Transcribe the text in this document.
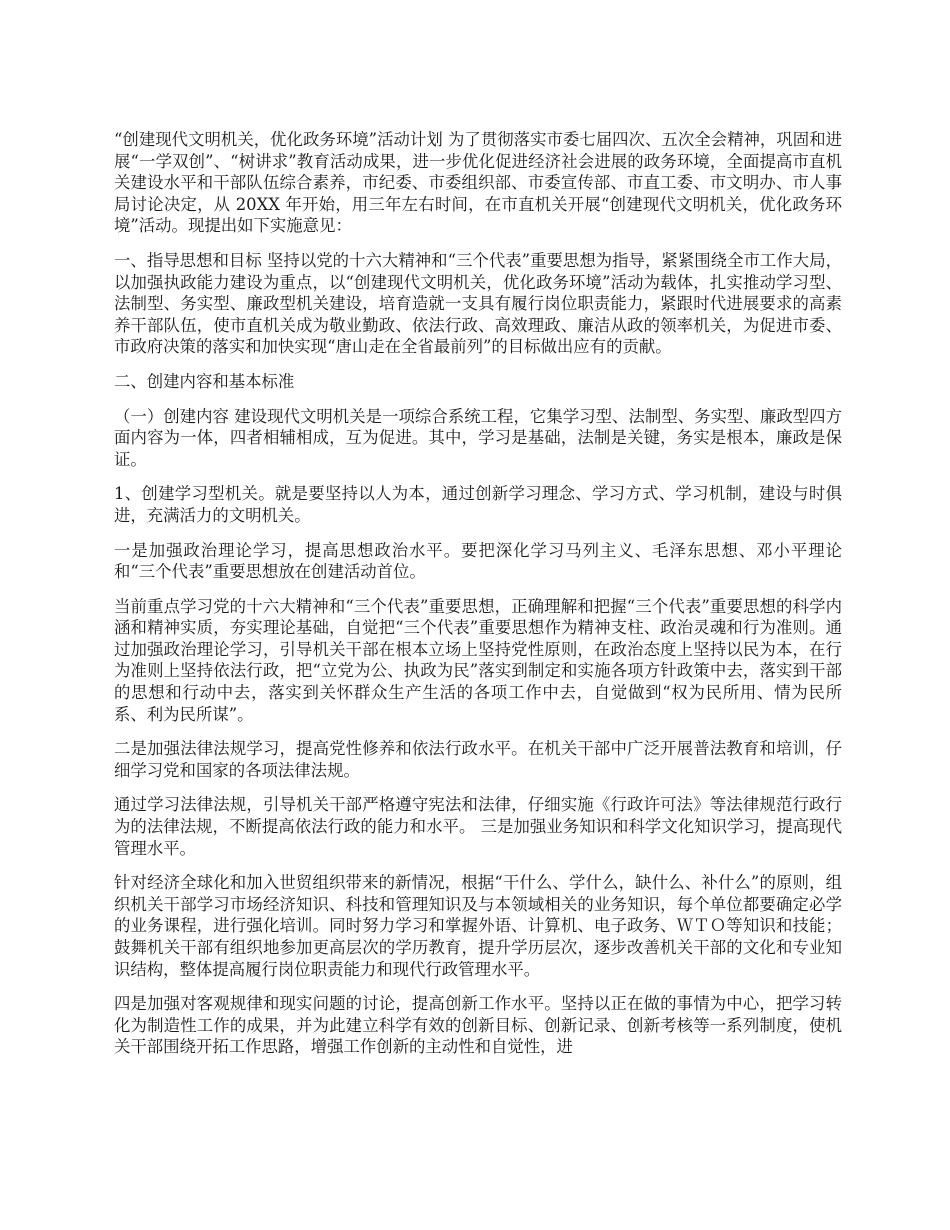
“创建现代文明机关，优化政务环境”活动计划 为了贯彻落实市委七届四次、五次全会精神，巩固和进展“一学双创”、“树讲求”教育活动成果，进一步优化促进经济社会进展的政务环境，全面提高市直机关建设水平和干部队伍综合素养，市纪委、市委组织部、市委宣传部、市直工委、市文明办、市人事局讨论决定，从 20XX 年开始，用三年左右时间，在市直机关开展“创建现代文明机关，优化政务环境”活动。现提出如下实施意见：

一、指导思想和目标 坚持以党的十六大精神和“三个代表”重要思想为指导，紧紧围绕全市工作大局，以加强执政能力建设为重点，以“创建现代文明机关，优化政务环境”活动为载体，扎实推动学习型、法制型、务实型、廉政型机关建设，培育造就一支具有履行岗位职责能力，紧跟时代进展要求的高素养干部队伍，使市直机关成为敬业勤政、依法行政、高效理政、廉洁从政的领率机关，为促进市委、市政府决策的落实和加快实现“唐山走在全省最前列”的目标做出应有的贡献。

二、创建内容和基本标准

（一）创建内容 建设现代文明机关是一项综合系统工程，它集学习型、法制型、务实型、廉政型四方面内容为一体，四者相辅相成，互为促进。其中，学习是基础，法制是关键，务实是根本，廉政是保证。

1、创建学习型机关。就是要坚持以人为本，通过创新学习理念、学习方式、学习机制，建设与时俱进，充满活力的文明机关。

一是加强政治理论学习，提高思想政治水平。要把深化学习马列主义、毛泽东思想、邓小平理论和“三个代表”重要思想放在创建活动首位。

当前重点学习党的十六大精神和“三个代表”重要思想，正确理解和把握“三个代表”重要思想的科学内涵和精神实质，夯实理论基础，自觉把“三个代表”重要思想作为精神支柱、政治灵魂和行为准则。通过加强政治理论学习，引导机关干部在根本立场上坚持党性原则，在政治态度上坚持以民为本，在行为准则上坚持依法行政，把“立党为公、执政为民”落实到制定和实施各项方针政策中去，落实到干部的思想和行动中去，落实到关怀群众生产生活的各项工作中去，自觉做到“权为民所用、情为民所系、利为民所谋”。

二是加强法律法规学习，提高党性修养和依法行政水平。在机关干部中广泛开展普法教育和培训，仔细学习党和国家的各项法律法规。

通过学习法律法规，引导机关干部严格遵守宪法和法律，仔细实施《行政许可法》等法律规范行政行为的法律法规，不断提高依法行政的能力和水平。 三是加强业务知识和科学文化知识学习，提高现代管理水平。

针对经济全球化和加入世贸组织带来的新情况，根据“干什么、学什么，缺什么、补什么”的原则，组织机关干部学习市场经济知识、科技和管理知识及与本领域相关的业务知识，每个单位都要确定必学的业务课程，进行强化培训。同时努力学习和掌握外语、计算机、电子政务、ＷＴＯ等知识和技能；鼓舞机关干部有组织地参加更高层次的学历教育，提升学历层次，逐步改善机关干部的文化和专业知识结构，整体提高履行岗位职责能力和现代行政管理水平。

四是加强对客观规律和现实问题的讨论，提高创新工作水平。坚持以正在做的事情为中心，把学习转化为制造性工作的成果，并为此建立科学有效的创新目标、创新记录、创新考核等一系列制度，使机关干部围绕开拓工作思路，增强工作创新的主动性和自觉性，进
